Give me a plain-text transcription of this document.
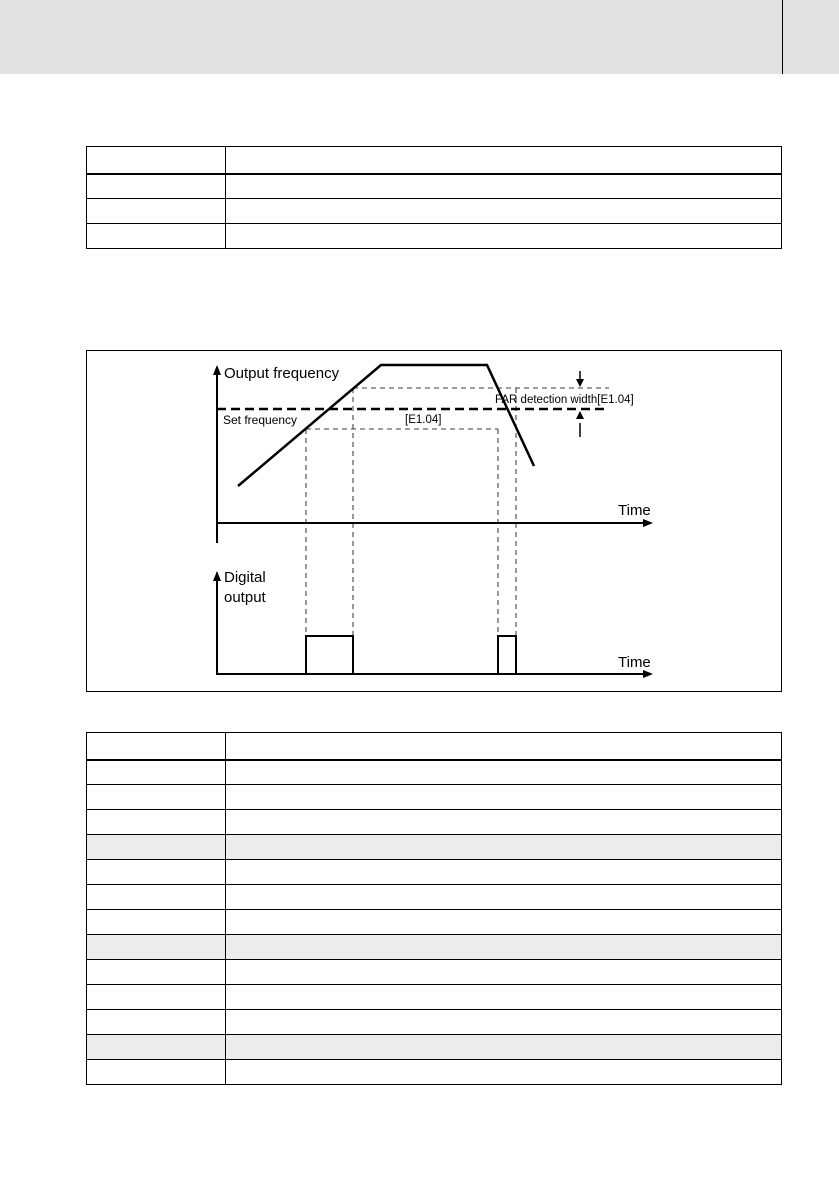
Output frequency
Set frequency
FAR detection width[E1.04]
[E1.04]
Time
Digital
output
Time
